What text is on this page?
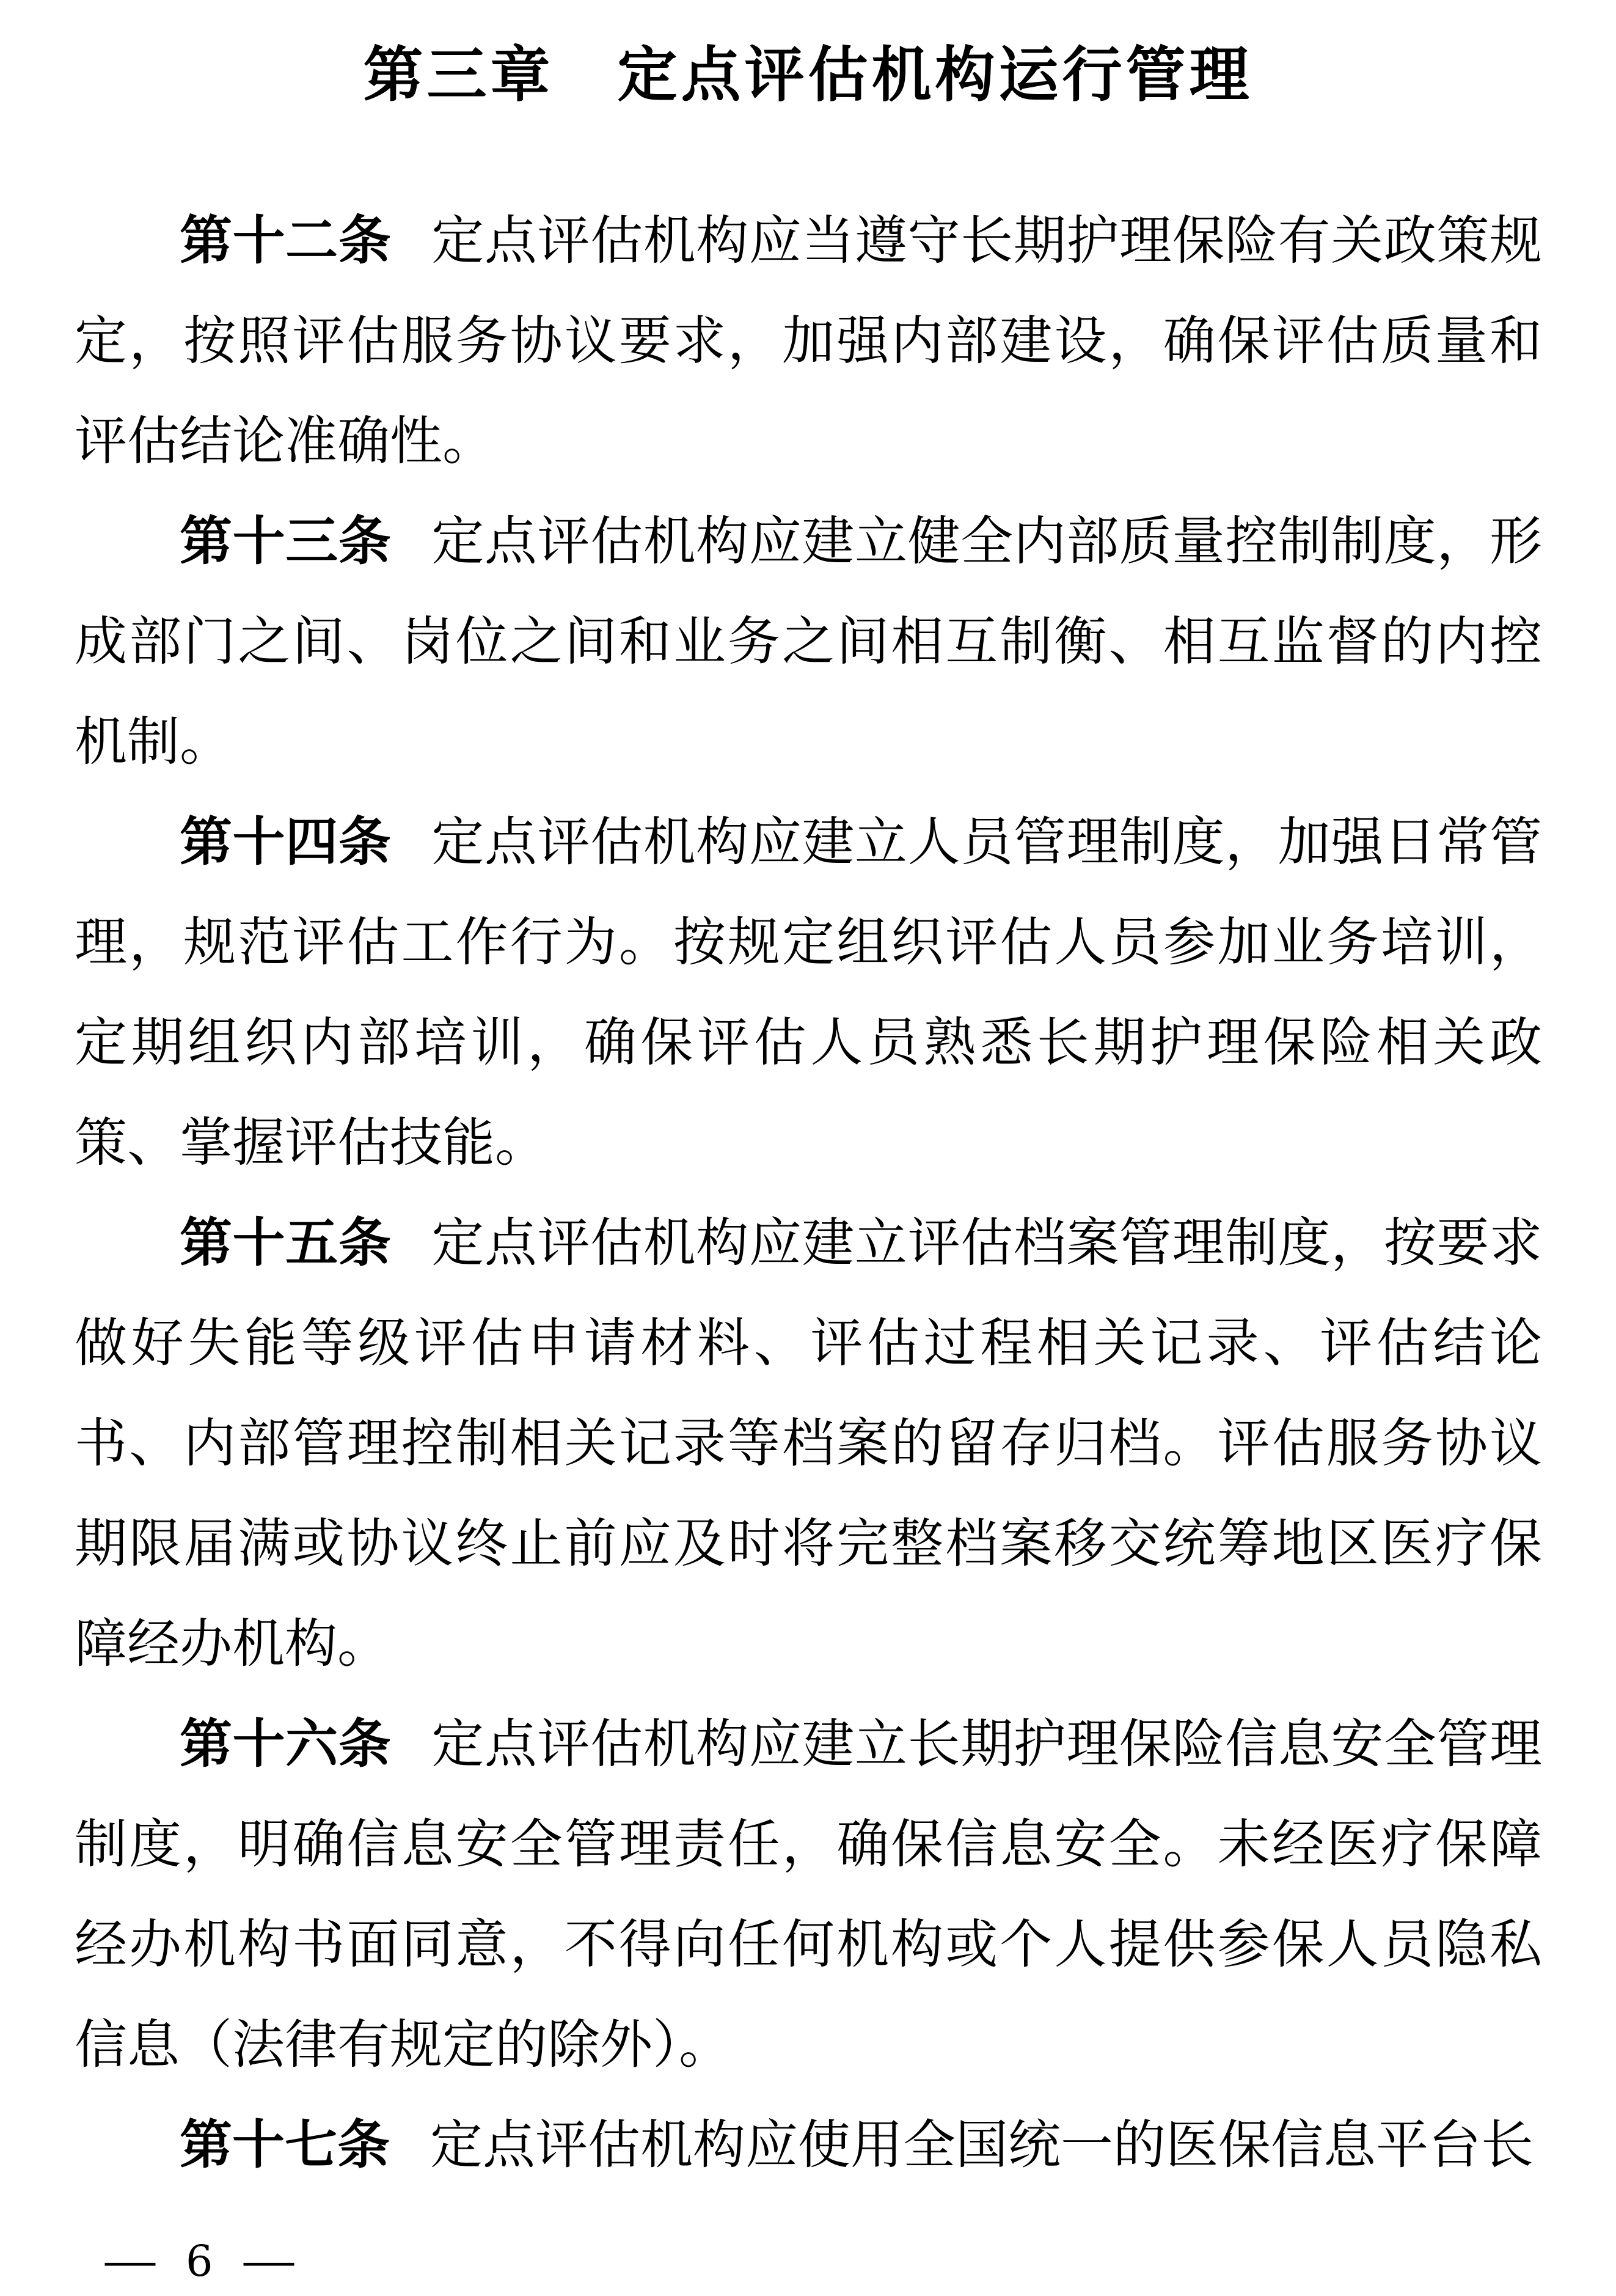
第三章　定点评估机构运行管理

第十二条 定点评估机构应当遵守长期护理保险有关政策规定，按照评估服务协议要求，加强内部建设，确保评估质量和评估结论准确性。

第十三条 定点评估机构应建立健全内部质量控制制度，形成部门之间、岗位之间和业务之间相互制衡、相互监督的内控机制。

第十四条 定点评估机构应建立人员管理制度，加强日常管理，规范评估工作行为。按规定组织评估人员参加业务培训，定期组织内部培训，确保评估人员熟悉长期护理保险相关政策、掌握评估技能。

第十五条 定点评估机构应建立评估档案管理制度，按要求做好失能等级评估申请材料、评估过程相关记录、评估结论书、内部管理控制相关记录等档案的留存归档。评估服务协议期限届满或协议终止前应及时将完整档案移交统筹地区医疗保障经办机构。

第十六条 定点评估机构应建立长期护理保险信息安全管理制度，明确信息安全管理责任，确保信息安全。未经医疗保障经办机构书面同意，不得向任何机构或个人提供参保人员隐私信息（法律有规定的除外）。

第十七条 定点评估机构应使用全国统一的医保信息平台长

— 6 —
